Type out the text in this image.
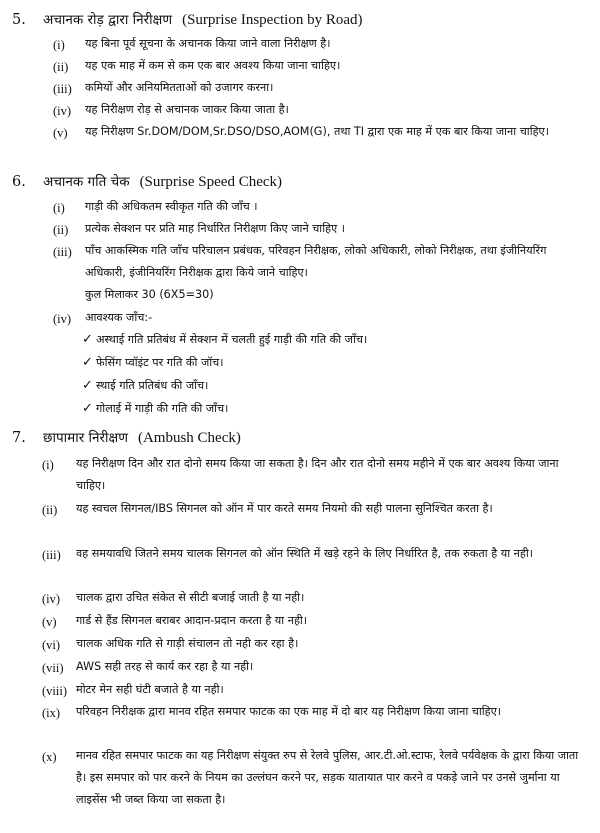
5. अचानक रोड़ द्वारा निरीक्षण (Surprise Inspection by Road)
(i) यह बिना पूर्व सूचना के अचानक किया जाने वाला निरीक्षण है।
(ii) यह एक माह में कम से कम एक बार अवश्य किया जाना चाहिए।
(iii) कमियों और अनियमितताओं को उजागर करना।
(iv) यह निरीक्षण रोड़ से अचानक जाकर किया जाता है।
(v) यह निरीक्षण Sr.DOM/DOM,Sr.DSO/DSO,AOM(G), तथा TI द्वारा एक माह में एक बार किया जाना चाहिए।
6. अचानक गति चेक (Surprise Speed Check)
(i) गाड़ी की अधिकतम स्वीकृत गति की जाँच ।
(ii) प्रत्येक सेक्शन पर प्रति माह निर्धारित निरीक्षण किए जाने चाहिए ।
(iii) पाँच आकस्मिक गति जाँच परिचालन प्रबंधक, परिवहन निरीक्षक, लोको अधिकारी, लोको निरीक्षक, तथा इंजीनियरिंग अधिकारी, इंजीनियरिंग निरीक्षक द्वारा किये जाने चाहिए।
कुल मिलाकर 30 (6X5=30)
(iv) आवश्यक जाँच:-
✓ अस्थाई गति प्रतिबंध में सेक्शन में चलती हुई गाड़ी की गति की जाँच।
✓ फेसिंग प्वॉइंट पर गति की जॉच।
✓ स्थाई गति प्रतिबंध की जाँच।
✓ गोलाई में गाड़ी की गति की जाँच।
7. छापामार निरीक्षण (Ambush Check)
(i) यह निरीक्षण दिन और रात दोनो समय किया जा सकता है। दिन और रात दोनो समय महीने में एक बार अवश्य किया जाना चाहिए।
(ii) यह स्वचल सिगनल/IBS सिगनल को ऑन में पार करते समय नियमो की सही पालना सुनिश्चित करता है।
(iii) वह समयावधि जितने समय चालक सिगनल को ऑन स्थिति में खड़े रहने के लिए निर्धारित है, तक रुकता है या नही।
(iv) चालक द्वारा उचित संकेत से सीटी बजाई जाती है या नही।
(v) गार्ड से हैंड सिगनल बराबर आदान-प्रदान करता है या नही।
(vi) चालक अधिक गति से गाड़ी संचालन तो नही कर रहा है।
(vii) AWS सही तरह से कार्य कर रहा है या नही।
(viii) मोटर मेन सही घंटी बजाते है या नही।
(ix) परिवहन निरीक्षक द्वारा मानव रहित समपार फाटक का एक माह में दो बार यह निरीक्षण किया जाना चाहिए।
(x) मानव रहित समपार फाटक का यह निरीक्षण संयुक्त रुप से रेलवे पुलिस, आर.टी.ओ.स्टाफ, रेलवे पर्यवेक्षक के द्वारा किया जाता है। इस समपार को पार करने के नियम का उल्लंघन करने पर, सड़क यातायात पार करने व पकड़े जाने पर उनसे जुर्माना या लाइसेंस भी जब्त किया जा सकता है।
